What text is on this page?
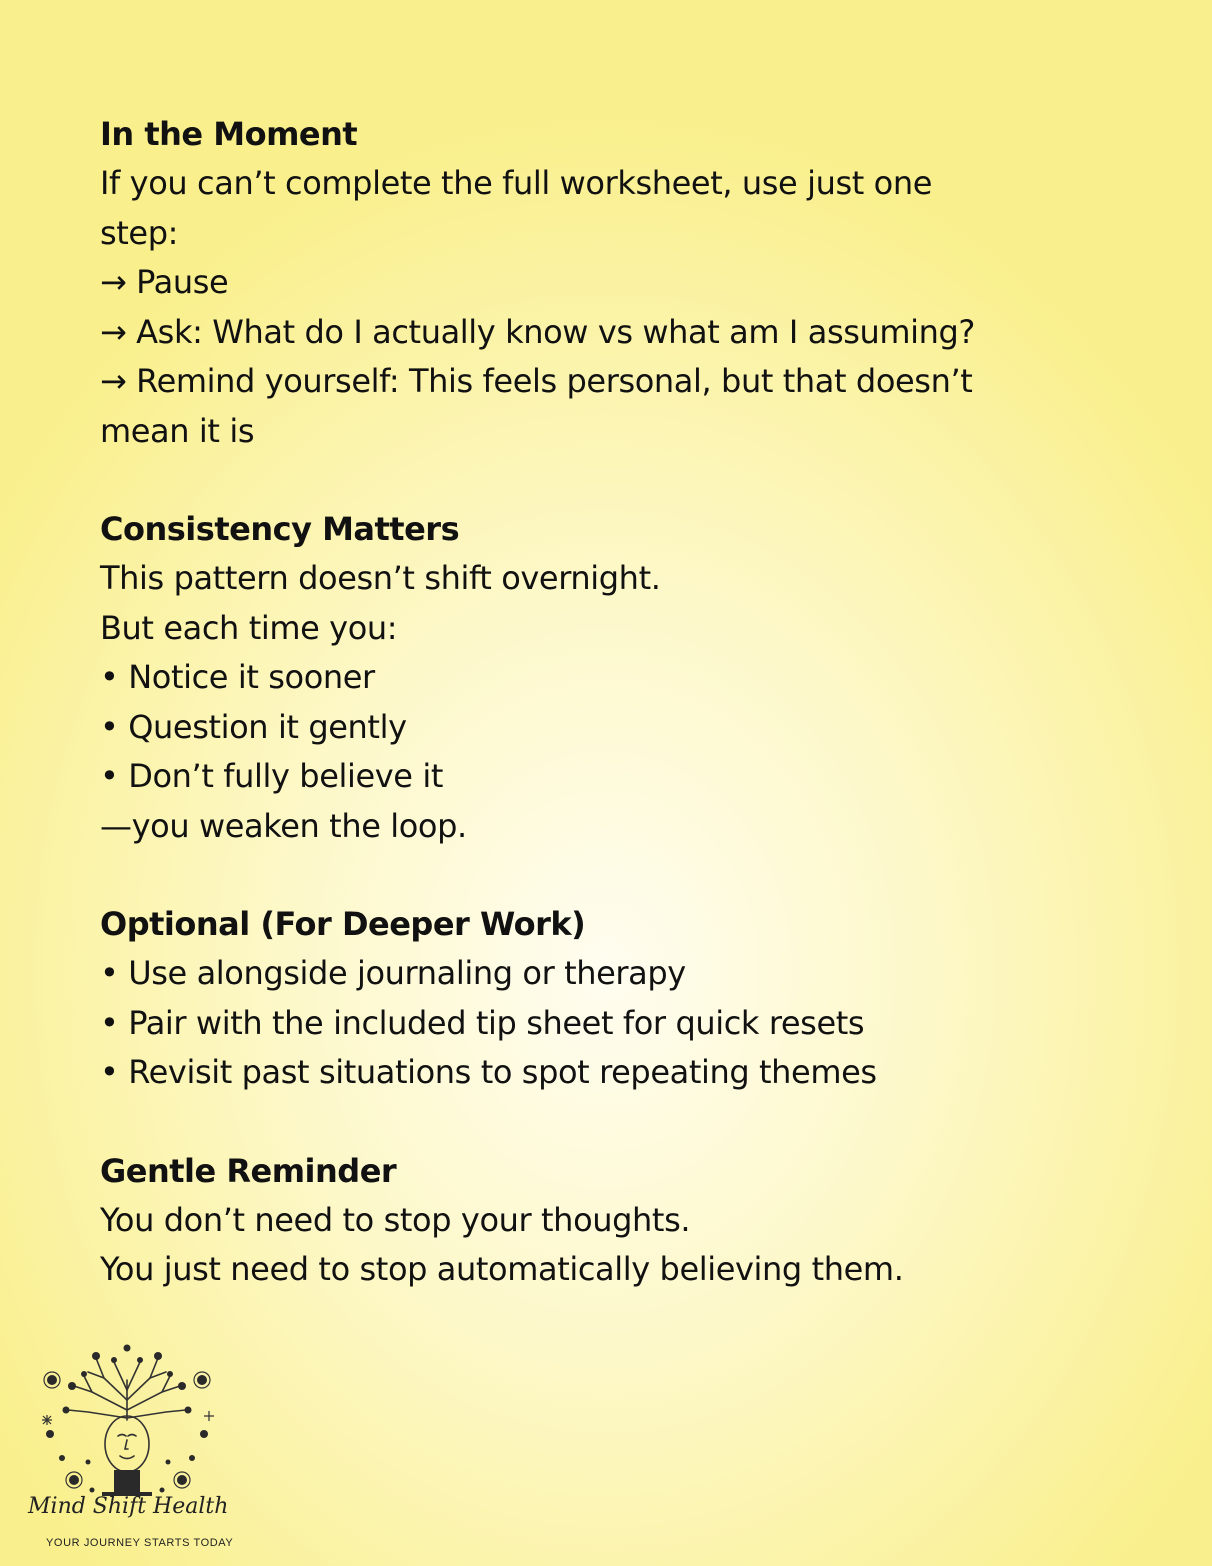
In the Moment
If you can’t complete the full worksheet, use just one
step:
→ Pause
→ Ask: What do I actually know vs what am I assuming?
→ Remind yourself: This feels personal, but that doesn’t
mean it is
Consistency Matters
This pattern doesn’t shift overnight.
But each time you:
• Notice it sooner
• Question it gently
• Don’t fully believe it
—you weaken the loop.
Optional (For Deeper Work)
• Use alongside journaling or therapy
• Pair with the included tip sheet for quick resets
• Revisit past situations to spot repeating themes
Gentle Reminder
You don’t need to stop your thoughts.
You just need to stop automatically believing them.
Mind Shift Health
YOUR JOURNEY STARTS TODAY
